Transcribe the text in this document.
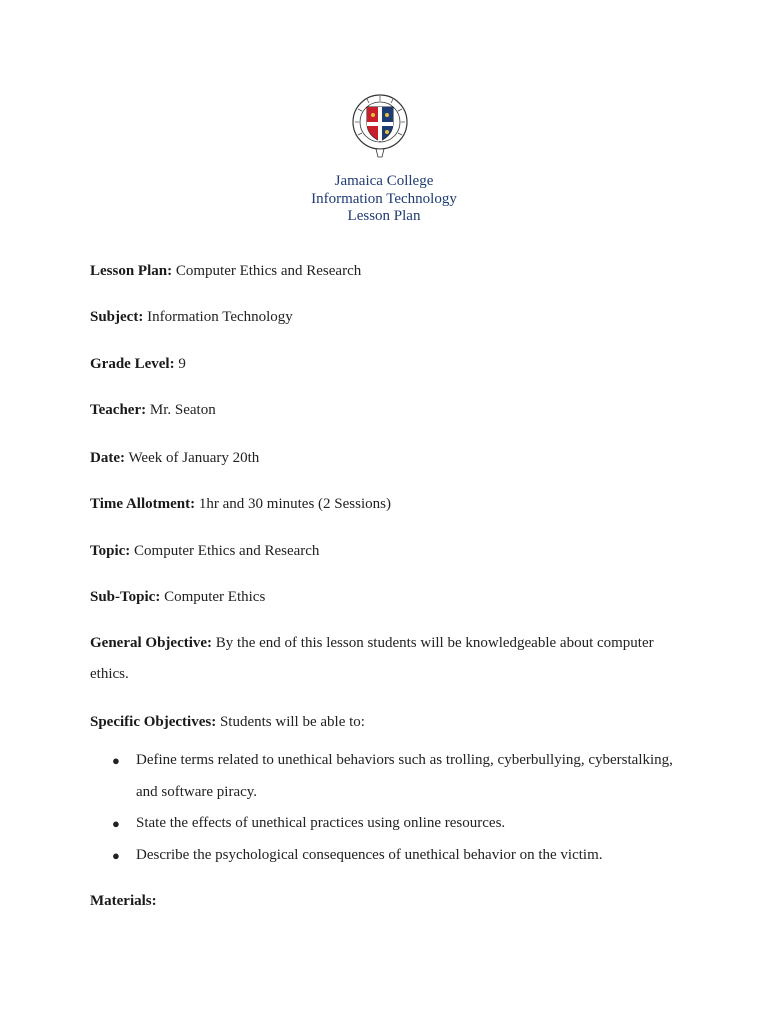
Jamaica College
Information Technology
Lesson Plan
Lesson Plan: Computer Ethics and Research
Subject: Information Technology
Grade Level: 9
Teacher: Mr. Seaton
Date: Week of January 20th
Time Allotment: 1hr and 30 minutes (2 Sessions)
Topic: Computer Ethics and Research
Sub-Topic: Computer Ethics
General Objective: By the end of this lesson students will be knowledgeable about computer ethics.
Specific Objectives: Students will be able to:
● Define terms related to unethical behaviors such as trolling, cyberbullying, cyberstalking, and software piracy.
● State the effects of unethical practices using online resources.
● Describe the psychological consequences of unethical behavior on the victim.
Materials:
